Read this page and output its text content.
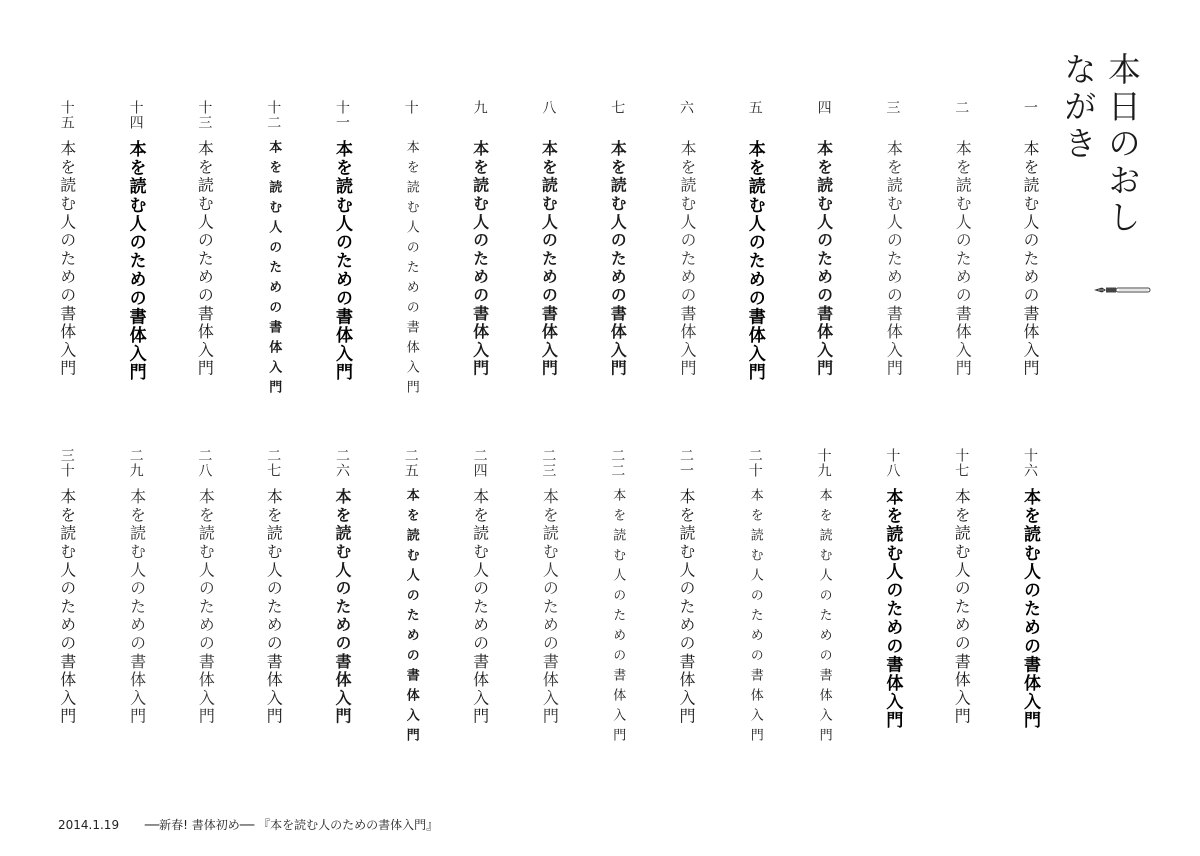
本日のおしながき
一
本を読む人のための書体入門
二
本を読む人のための書体入門
三
本を読む人のための書体入門
四
本を読む人のための書体入門
五
本を読む人のための書体入門
六
本を読む人のための書体入門
七
本を読む人のための書体入門
八
本を読む人のための書体入門
九
本を読む人のための書体入門
十
本を読む人のための書体入門
十一
本を読む人のための書体入門
十二
本を読む人のための書体入門
十三
本を読む人のための書体入門
十四
本を読む人のための書体入門
十五
本を読む人のための書体入門
十六
本を読む人のための書体入門
十七
本を読む人のための書体入門
十八
本を読む人のための書体入門
十九
本を読む人のための書体入門
二十
本を読む人のための書体入門
二一
本を読む人のための書体入門
二二
本を読む人のための書体入門
二三
本を読む人のための書体入門
二四
本を読む人のための書体入門
二五
本を読む人のための書体入門
二六
本を読む人のための書体入門
二七
本を読む人のための書体入門
二八
本を読む人のための書体入門
二九
本を読む人のための書体入門
三十
本を読む人のための書体入門
2014.1.19 ──新春! 書体初め── 『本を読む人のための書体入門』
